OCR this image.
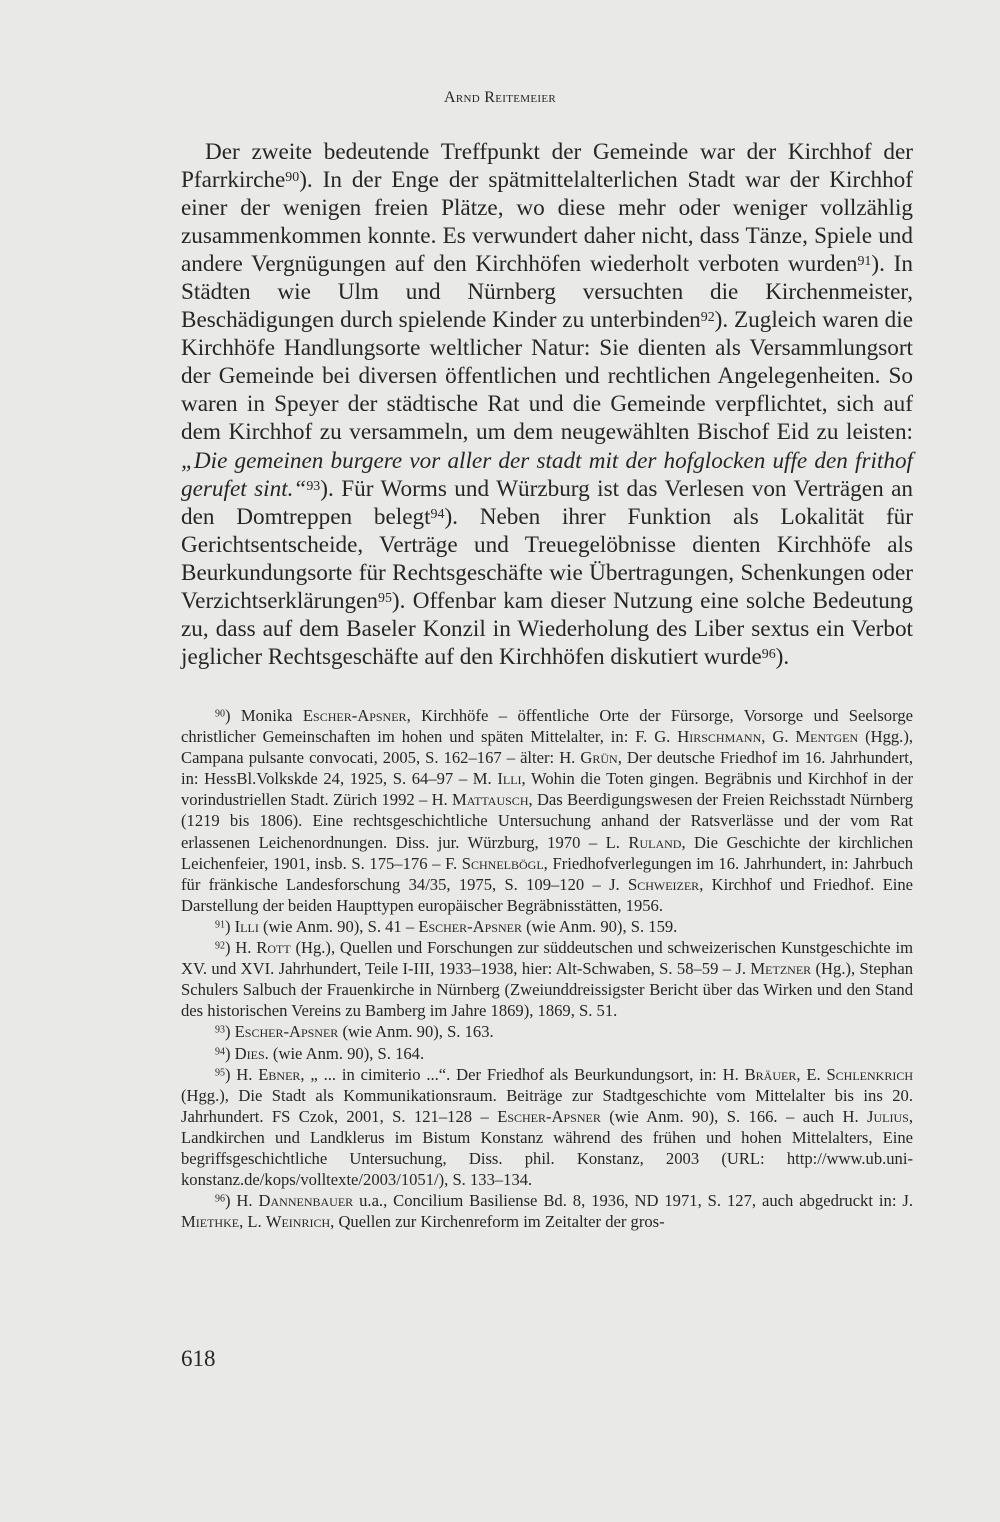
Arnd Reitemeier

Der zweite bedeutende Treffpunkt der Gemeinde war der Kirchhof der Pfarrkirche$^{90}$). In der Enge der spätmittelalterlichen Stadt war der Kirchhof einer der wenigen freien Plätze, wo diese mehr oder weniger vollzählig zusammenkommen konnte. Es verwundert daher nicht, dass Tänze, Spiele und andere Vergnügungen auf den Kirchhöfen wiederholt verboten wurden$^{91}$). In Städten wie Ulm und Nürnberg versuchten die Kirchenmeister, Beschädigungen durch spielende Kinder zu unterbinden$^{92}$). Zugleich waren die Kirchhöfe Handlungsorte weltlicher Natur: Sie dienten als Versammlungsort der Gemeinde bei diversen öffentlichen und rechtlichen Angelegenheiten. So waren in Speyer der städtische Rat und die Gemeinde verpflichtet, sich auf dem Kirchhof zu versammeln, um dem neugewählten Bischof Eid zu leisten: „Die gemeinen burgere vor aller der stadt mit der hofglocken uffe den frithof gerufet sint.“$^{93}$). Für Worms und Würzburg ist das Verlesen von Verträgen an den Domtreppen belegt$^{94}$). Neben ihrer Funktion als Lokalität für Gerichtsentscheide, Verträge und Treuegelöbnisse dienten Kirchhöfe als Beurkundungsorte für Rechtsgeschäfte wie Übertragungen, Schenkungen oder Verzichtserklärungen$^{95}$). Offenbar kam dieser Nutzung eine solche Bedeutung zu, dass auf dem Baseler Konzil in Wiederholung des Liber sextus ein Verbot jeglicher Rechtsgeschäfte auf den Kirchhöfen diskutiert wurde$^{96}$).

$^{90}$) Monika Escher-Apsner, Kirchhöfe – öffentliche Orte der Fürsorge, Vorsorge und Seelsorge christlicher Gemeinschaften im hohen und späten Mittelalter, in: F. G. Hirschmann, G. Mentgen (Hgg.), Campana pulsante convocati, 2005, S. 162–167 – älter: H. Grün, Der deutsche Friedhof im 16. Jahrhundert, in: HessBl.Volkskde 24, 1925, S. 64–97 – M. Illi, Wohin die Toten gingen. Begräbnis und Kirchhof in der vorindustriellen Stadt. Zürich 1992 – H. Mattausch, Das Beerdigungswesen der Freien Reichsstadt Nürnberg (1219 bis 1806). Eine rechtsgeschichtliche Untersuchung anhand der Ratsverlässe und der vom Rat erlassenen Leichenordnungen. Diss. jur. Würzburg, 1970 – L. Ruland, Die Geschichte der kirchlichen Leichenfeier, 1901, insb. S. 175–176 – F. Schnelbögl, Friedhofverlegungen im 16. Jahrhundert, in: Jahrbuch für fränkische Landesforschung 34/35, 1975, S. 109–120 – J. Schweizer, Kirchhof und Friedhof. Eine Darstellung der beiden Haupttypen europäischer Begräbnisstätten, 1956.

$^{91}$) Illi (wie Anm. 90), S. 41 – Escher-Apsner (wie Anm. 90), S. 159.

$^{92}$) H. Rott (Hg.), Quellen und Forschungen zur süddeutschen und schweizerischen Kunstgeschichte im XV. und XVI. Jahrhundert, Teile I-III, 1933–1938, hier: Alt-Schwaben, S. 58–59 – J. Metzner (Hg.), Stephan Schulers Salbuch der Frauenkirche in Nürnberg (Zweiunddreissigster Bericht über das Wirken und den Stand des historischen Vereins zu Bamberg im Jahre 1869), 1869, S. 51.

$^{93}$) Escher-Apsner (wie Anm. 90), S. 163.

$^{94}$) Dies. (wie Anm. 90), S. 164.

$^{95}$) H. Ebner, „ ... in cimiterio ...“. Der Friedhof als Beurkundungsort, in: H. Bräuer, E. Schlenkrich (Hgg.), Die Stadt als Kommunikationsraum. Beiträge zur Stadtgeschichte vom Mittelalter bis ins 20. Jahrhundert. FS Czok, 2001, S. 121–128 – Escher-Apsner (wie Anm. 90), S. 166. – auch H. Julius, Landkirchen und Landklerus im Bistum Konstanz während des frühen und hohen Mittelalters, Eine begriffsgeschichtliche Untersuchung, Diss. phil. Konstanz, 2003 (URL: http://www.ub.uni-konstanz.de/kops/volltexte/2003/1051/), S. 133–134.

$^{96}$) H. Dannenbauer u.a., Concilium Basiliense Bd. 8, 1936, ND 1971, S. 127, auch abgedruckt in: J. Miethke, L. Weinrich, Quellen zur Kirchenreform im Zeitalter der gros-

618
